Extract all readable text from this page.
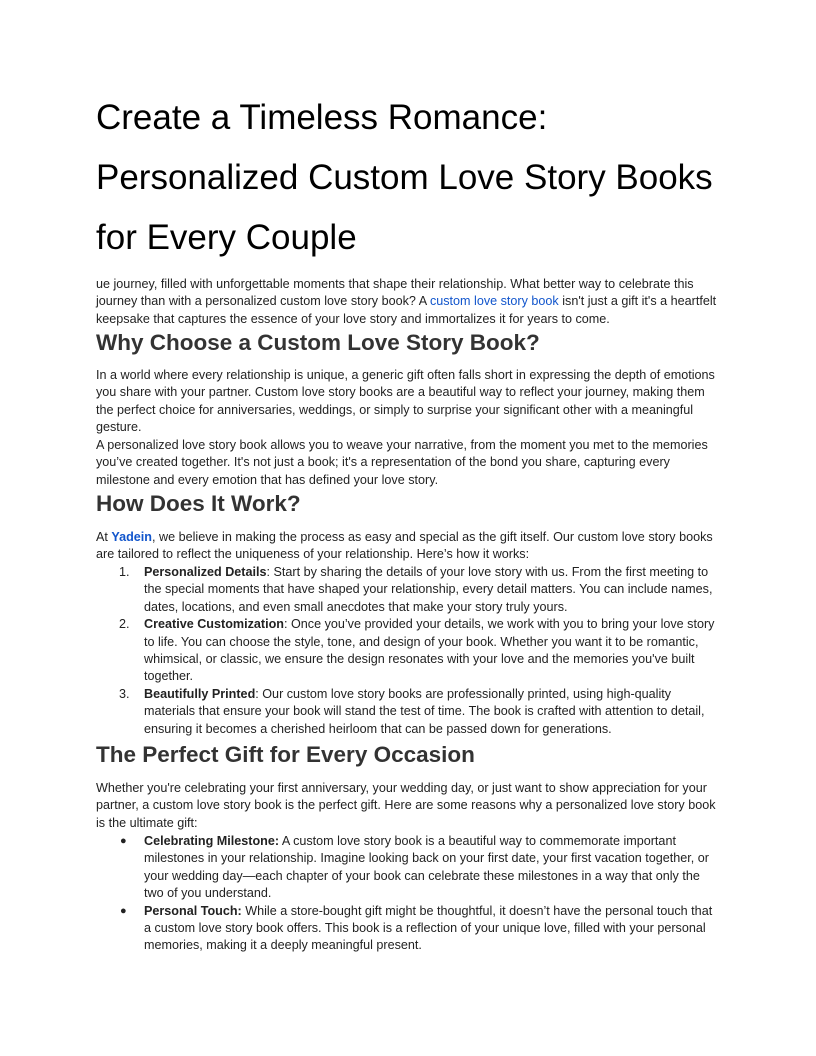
Create a Timeless Romance:

Personalized Custom Love Story Books

for Every Couple

ue journey, filled with unforgettable moments that shape their relationship. What better way to celebrate this journey than with a personalized custom love story book? A custom love story book isn't just a gift it's a heartfelt keepsake that captures the essence of your love story and immortalizes it for years to come.

Why Choose a Custom Love Story Book?

In a world where every relationship is unique, a generic gift often falls short in expressing the depth of emotions you share with your partner. Custom love story books are a beautiful way to reflect your journey, making them the perfect choice for anniversaries, weddings, or simply to surprise your significant other with a meaningful gesture.

A personalized love story book allows you to weave your narrative, from the moment you met to the memories you’ve created together. It's not just a book; it's a representation of the bond you share, capturing every milestone and every emotion that has defined your love story.

How Does It Work?

At Yadein, we believe in making the process as easy and special as the gift itself. Our custom love story books are tailored to reflect the uniqueness of your relationship. Here’s how it works:

1. Personalized Details: Start by sharing the details of your love story with us. From the first meeting to the special moments that have shaped your relationship, every detail matters. You can include names, dates, locations, and even small anecdotes that make your story truly yours.
2. Creative Customization: Once you’ve provided your details, we work with you to bring your love story to life. You can choose the style, tone, and design of your book. Whether you want it to be romantic, whimsical, or classic, we ensure the design resonates with your love and the memories you've built together.
3. Beautifully Printed: Our custom love story books are professionally printed, using high-quality materials that ensure your book will stand the test of time. The book is crafted with attention to detail, ensuring it becomes a cherished heirloom that can be passed down for generations.
The Perfect Gift for Every Occasion

Whether you're celebrating your first anniversary, your wedding day, or just want to show appreciation for your partner, a custom love story book is the perfect gift. Here are some reasons why a personalized love story book is the ultimate gift:

● Celebrating Milestone: A custom love story book is a beautiful way to commemorate important milestones in your relationship. Imagine looking back on your first date, your first vacation together, or your wedding day—each chapter of your book can celebrate these milestones in a way that only the two of you understand.
● Personal Touch: While a store-bought gift might be thoughtful, it doesn’t have the personal touch that a custom love story book offers. This book is a reflection of your unique love, filled with your personal memories, making it a deeply meaningful present.
